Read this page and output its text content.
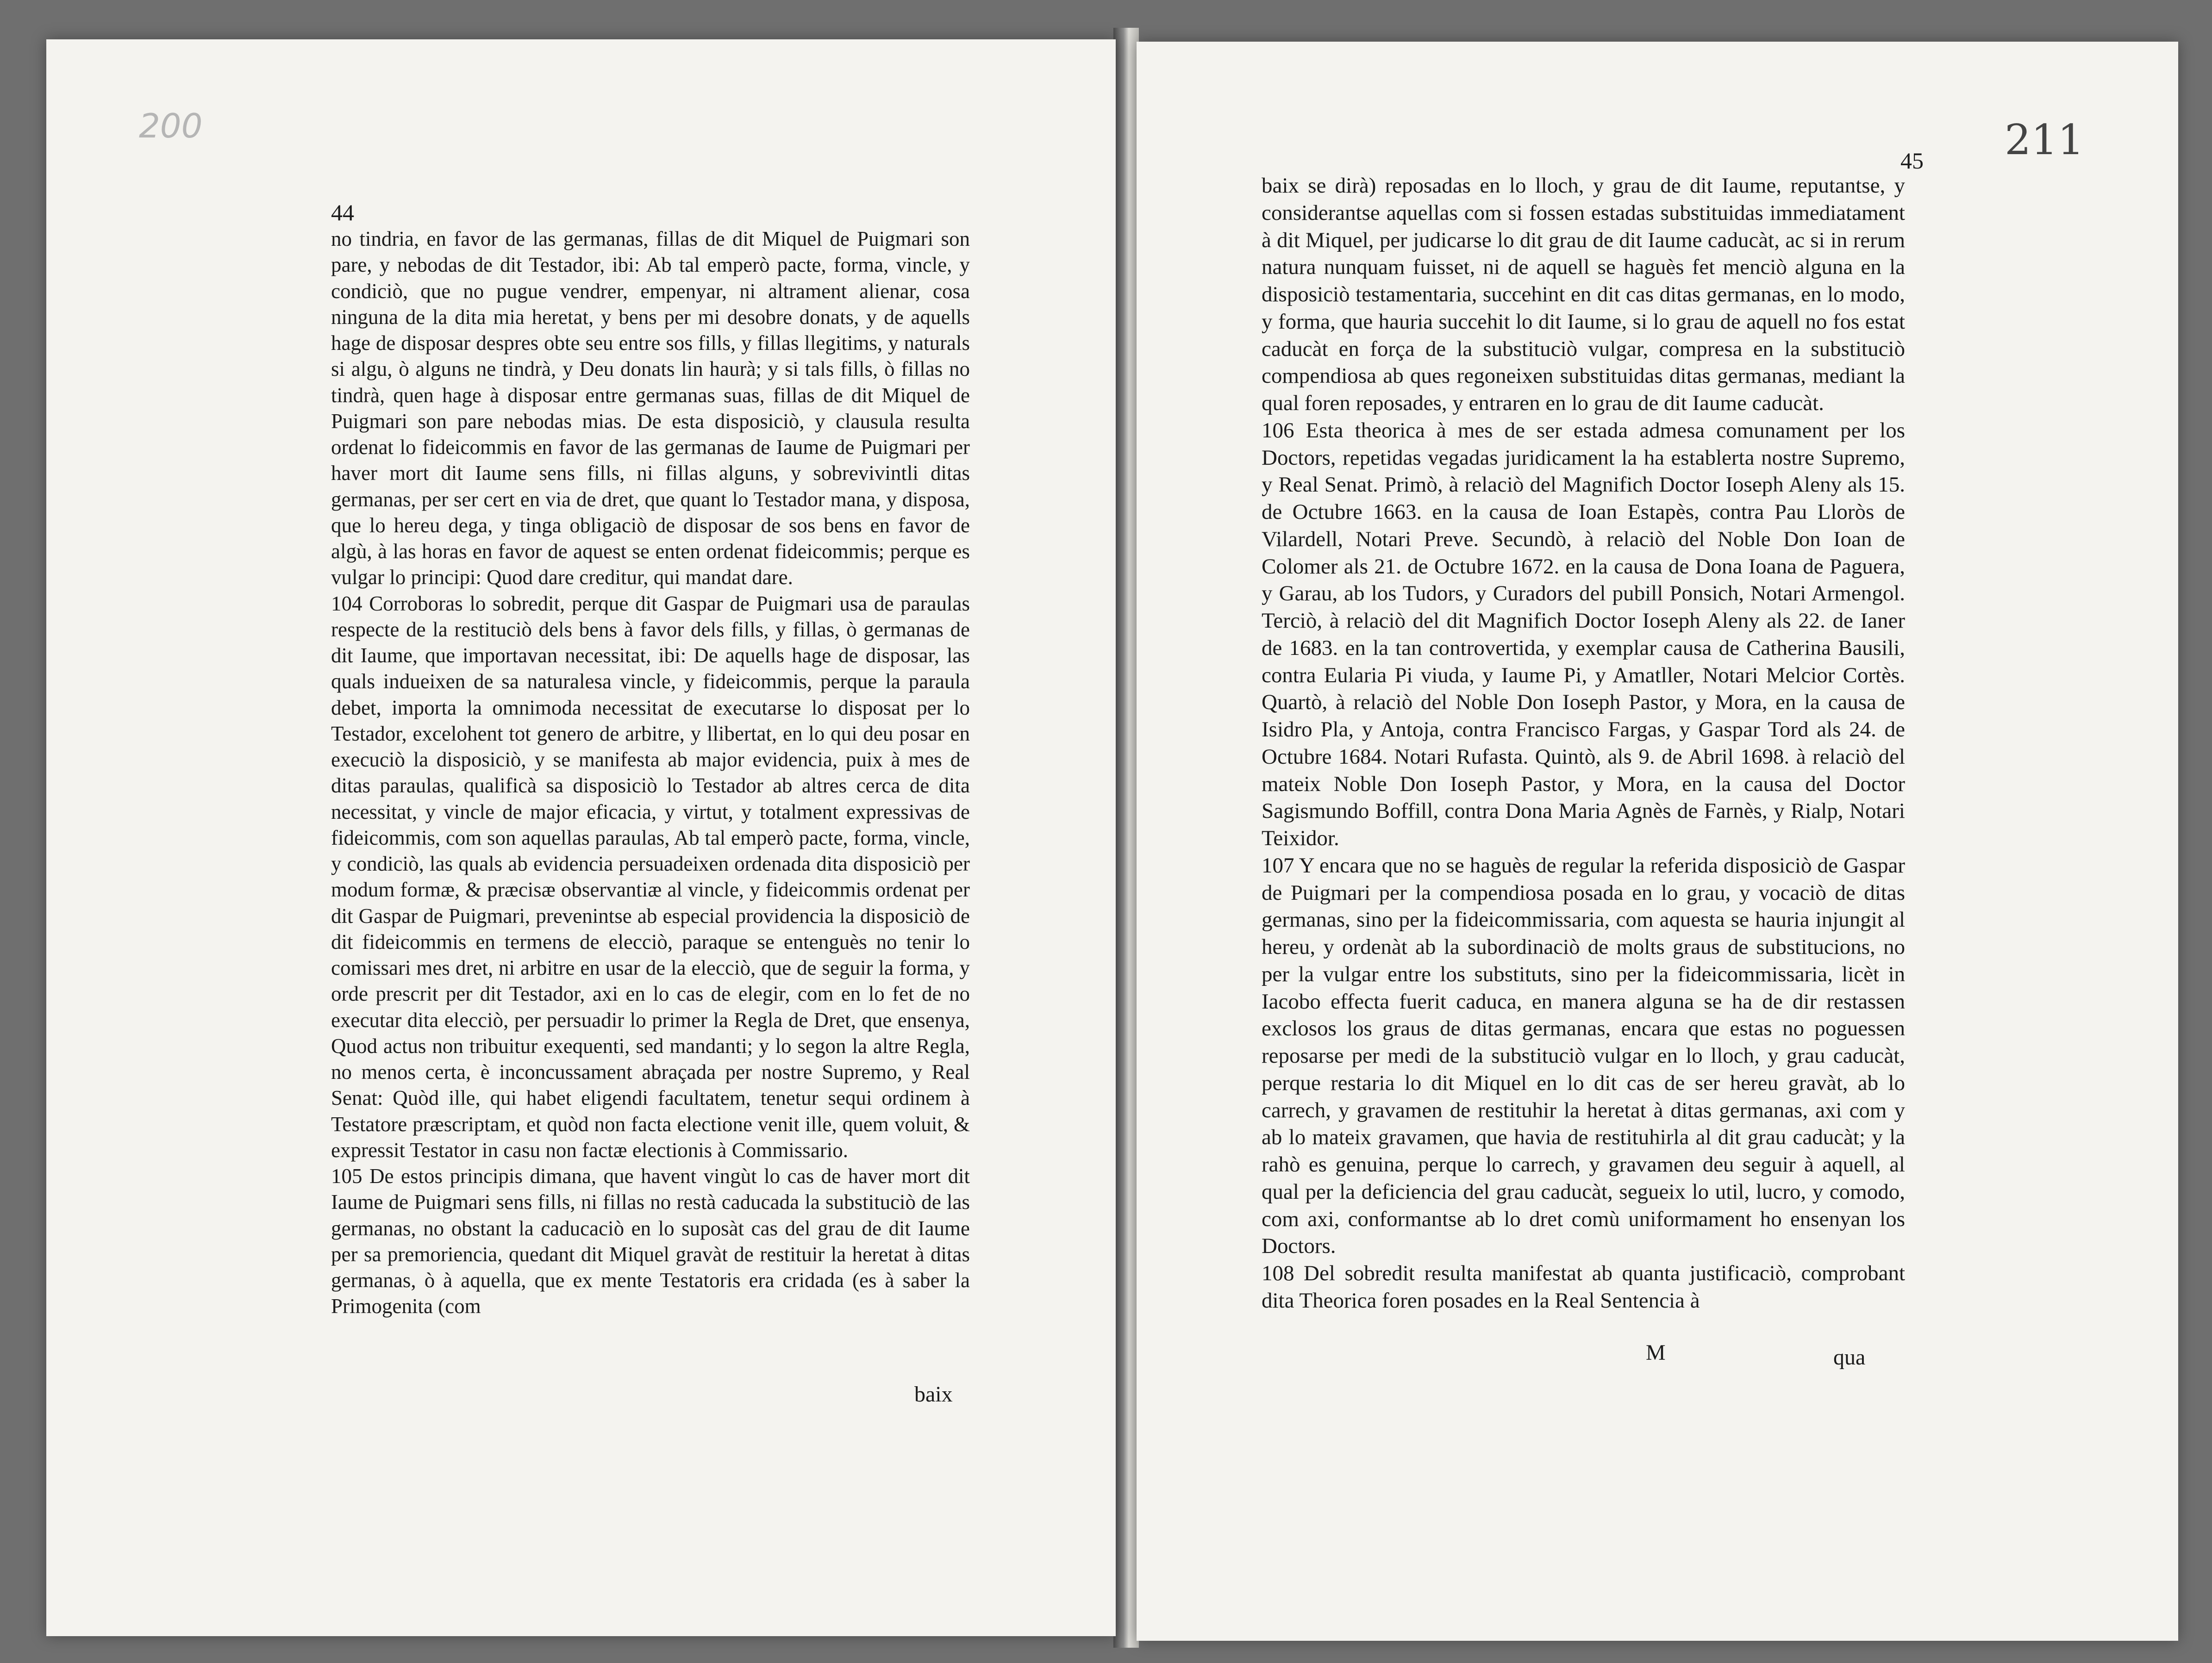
200	211
44
45

no tindria, en favor de las germanas, fillas de dit Miquel de Puigmari son pare, y nebodas de dit Testador, ibi: Ab tal emperò pacte, forma, vincle, y condiciò, que no pugue vendrer, empenyar, ni altrament alienar, cosa ninguna de la dita mia heretat, y bens per mi desobre donats, y de aquells hage de disposar despres obte seu entre sos fills, y fillas llegitims, y naturals si algu, ò alguns ne tindrà, y Deu donats lin haurà; y si tals fills, ò fillas no tindrà, quen hage à disposar entre germanas suas, fillas de dit Miquel de Puigmari son pare nebodas mias. De esta disposiciò, y clausula resulta ordenat lo fideicommis en favor de las germanas de Iaume de Puigmari per haver mort dit Iaume sens fills, ni fillas alguns, y sobrevivintli ditas germanas, per ser cert en via de dret, que quant lo Testador mana, y disposa, que lo hereu dega, y tinga obligaciò de disposar de sos bens en favor de algù, à las horas en favor de aquest se enten ordenat fideicommis; perque es vulgar lo principi: Quod dare creditur, qui mandat dare.

104 Corroboras lo sobredit, perque dit Gaspar de Puigmari usa de paraulas respecte de la restituciò dels bens à favor dels fills, y fillas, ò germanas de dit Iaume, que importavan necessitat, ibi: De aquells hage de disposar, las quals indueixen de sa naturalesa vincle, y fideicommis, perque la paraula debet, importa la omnimoda necessitat de executarse lo disposat per lo Testador, excelohent tot genero de arbitre, y llibertat, en lo qui deu posar en execuciò la disposiciò, y se manifesta ab major evidencia, puix à mes de ditas paraulas, qualificà sa disposiciò lo Testador ab altres cerca de dita necessitat, y vincle de major eficacia, y virtut, y totalment expressivas de fideicommis, com son aquellas paraulas, Ab tal emperò pacte, forma, vincle, y condiciò, las quals ab evidencia persuadeixen ordenada dita disposiciò per modum formæ, & præcisæ observantiæ al vincle, y fideicommis ordenat per dit Gaspar de Puigmari, prevenintse ab especial providencia la disposiciò de dit fideicommis en termens de elecciò, paraque se entenguès no tenir lo comissari mes dret, ni arbitre en usar de la elecciò, que de seguir la forma, y orde prescrit per dit Testador, axi en lo cas de elegir, com en lo fet de no executar dita elecciò, per persuadir lo primer la Regla de Dret, que ensenya, Quod actus non tribuitur exequenti, sed mandanti; y lo segon la altre Regla, no menos certa, è inconcussament abraçada per nostre Supremo, y Real Senat: Quòd ille, qui habet eligendi facultatem, tenetur sequi ordinem à Testatore præscriptam, et quòd non facta electione venit ille, quem voluit, & expressit Testator in casu non factæ electionis à Commissario.

105 De estos principis dimana, que havent vingùt lo cas de haver mort dit Iaume de Puigmari sens fills, ni fillas no restà caducada la substituciò de las germanas, no obstant la caducaciò en lo suposàt cas del grau de dit Iaume per sa premoriencia, quedant dit Miquel gravàt de restituir la heretat à ditas germanas, ò à aquella, que ex mente Testatoris era cridada (es à saber la Primogenita (com

baix

baix se dirà) reposadas en lo lloch, y grau de dit Iaume, reputantse, y considerantse aquellas com si fossen estadas substituidas immediatament à dit Miquel, per judicarse lo dit grau de dit Iaume caducàt, ac si in rerum natura nunquam fuisset, ni de aquell se haguès fet menciò alguna en la disposiciò testamentaria, succehint en dit cas ditas germanas, en lo modo, y forma, que hauria succehit lo dit Iaume, si lo grau de aquell no fos estat caducàt en força de la substituciò vulgar, compresa en la substituciò compendiosa ab ques regoneixen substituidas ditas germanas, mediant la qual foren reposades, y entraren en lo grau de dit Iaume caducàt.

106 Esta theorica à mes de ser estada admesa comunament per los Doctors, repetidas vegadas juridicament la ha establerta nostre Supremo, y Real Senat. Primò, à relaciò del Magnifich Doctor Ioseph Aleny als 15. de Octubre 1663. en la causa de Ioan Estapès, contra Pau Lloròs de Vilardell, Notari Preve. Secundò, à relaciò del Noble Don Ioan de Colomer als 21. de Octubre 1672. en la causa de Dona Ioana de Paguera, y Garau, ab los Tudors, y Curadors del pubill Ponsich, Notari Armengol. Terciò, à relaciò del dit Magnifich Doctor Ioseph Aleny als 22. de Ianer de 1683. en la tan controvertida, y exemplar causa de Catherina Bausili, contra Eularia Pi viuda, y Iaume Pi, y Amatller, Notari Melcior Cortès. Quartò, à relaciò del Noble Don Ioseph Pastor, y Mora, en la causa de Isidro Pla, y Antoja, contra Francisco Fargas, y Gaspar Tord als 24. de Octubre 1684. Notari Rufasta. Quintò, als 9. de Abril 1698. à relaciò del mateix Noble Don Ioseph Pastor, y Mora, en la causa del Doctor Sagismundo Boffill, contra Dona Maria Agnès de Farnès, y Rialp, Notari Teixidor.

107 Y encara que no se haguès de regular la referida disposiciò de Gaspar de Puigmari per la compendiosa posada en lo grau, y vocaciò de ditas germanas, sino per la fideicommissaria, com aquesta se hauria injungit al hereu, y ordenàt ab la subordinaciò de molts graus de substitucions, no per la vulgar entre los substituts, sino per la fideicommissaria, licèt in Iacobo effecta fuerit caduca, en manera alguna se ha de dir restassen exclosos los graus de ditas germanas, encara que estas no poguessen reposarse per medi de la substituciò vulgar en lo lloch, y grau caducàt, perque restaria lo dit Miquel en lo dit cas de ser hereu gravàt, ab lo carrech, y gravamen de restituhir la heretat à ditas germanas, axi com y ab lo mateix gravamen, que havia de restituhirla al dit grau caducàt; y la rahò es genuina, perque lo carrech, y gravamen deu seguir à aquell, al qual per la deficiencia del grau caducàt, segueix lo util, lucro, y comodo, com axi, conformantse ab lo dret comù uniformament ho ensenyan los Doctors.

108 Del sobredit resulta manifestat ab quanta justificaciò, comprobant dita Theorica foren posades en la Real Sentencia à

M	qua
